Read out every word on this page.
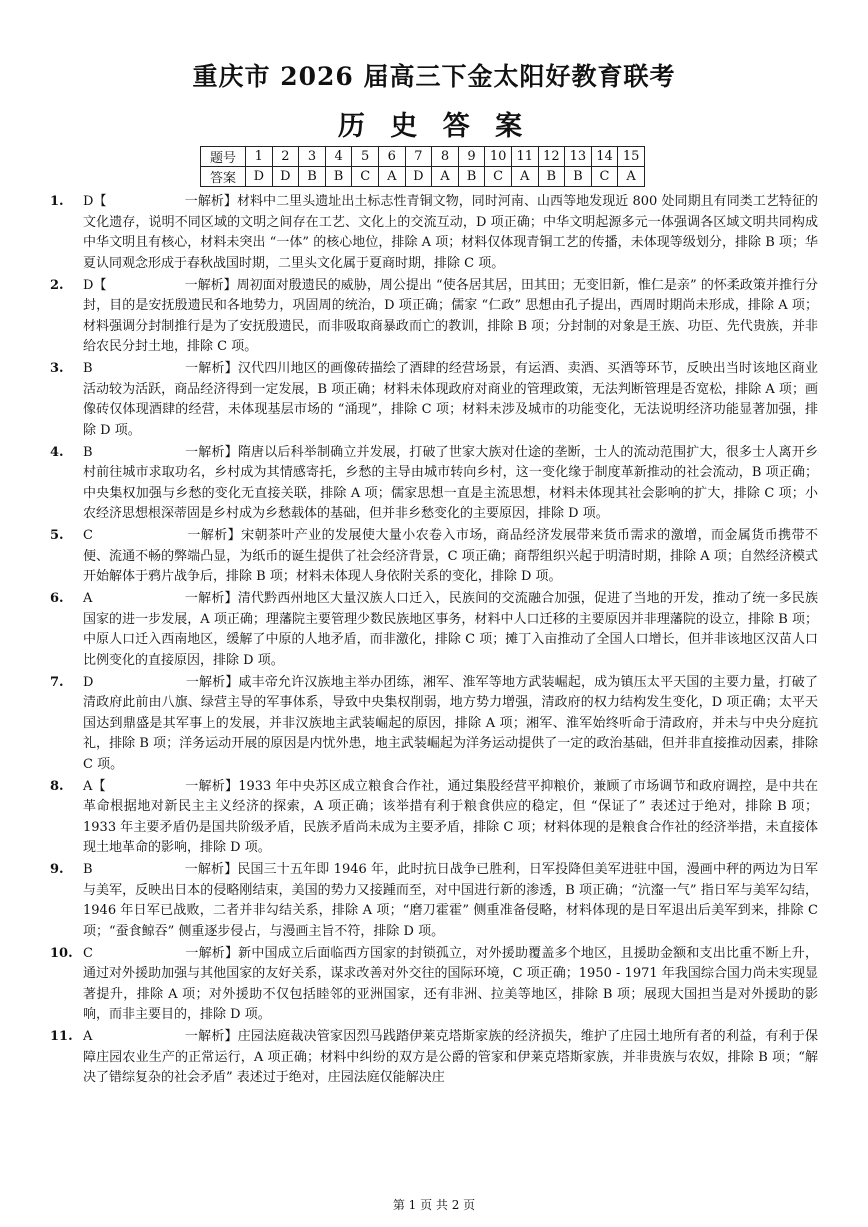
重庆市 2026 届高三下金太阳好教育联考
历 史 答 案
题号	1	2	3	4	5	6	7	8	9	10	11	12	13	14	15
答案	D	D	B	B	C	A	D	A	B	C	A	B	B	C	A
1. D【　　　　　　一解析】材料中二里头遗址出土标志性青铜文物，同时河南、山西等地发现近 800 处同期且有同类工艺特征的文化遗存，说明不同区域的文明之间存在工艺、文化上的交流互动，D 项正确；中华文明起源多元一体强调各区域文明共同构成中华文明且有核心，材料未突出 “一体” 的核心地位，排除 A 项；材料仅体现青铜工艺的传播，未体现等级划分，排除 B 项；华夏认同观念形成于春秋战国时期，二里头文化属于夏商时期，排除 C 项。
2. D【　　　　　　一解析】周初面对殷遗民的威胁，周公提出 “使各居其居，田其田；无变旧新，惟仁是亲” 的怀柔政策并推行分封，目的是安抚殷遗民和各地势力，巩固周的统治，D 项正确；儒家 “仁政” 思想由孔子提出，西周时期尚未形成，排除 A 项；材料强调分封制推行是为了安抚殷遗民，而非吸取商暴政而亡的教训，排除 B 项；分封制的对象是王族、功臣、先代贵族，并非给农民分封土地，排除 C 项。
3. B　　　　　　　一解析】汉代四川地区的画像砖描绘了酒肆的经营场景，有运酒、卖酒、买酒等环节，反映出当时该地区商业活动较为活跃，商品经济得到一定发展，B 项正确；材料未体现政府对商业的管理政策，无法判断管理是否宽松，排除 A 项；画像砖仅体现酒肆的经营，未体现基层市场的 “涌现”，排除 C 项；材料未涉及城市的功能变化，无法说明经济功能显著加强，排除 D 项。
4. B　　　　　　　一解析】隋唐以后科举制确立并发展，打破了世家大族对仕途的垄断，士人的流动范围扩大，很多士人离开乡村前往城市求取功名，乡村成为其情感寄托，乡愁的主导由城市转向乡村，这一变化缘于制度革新推动的社会流动，B 项正确；中央集权加强与乡愁的变化无直接关联，排除 A 项；儒家思想一直是主流思想，材料未体现其社会影响的扩大，排除 C 项；小农经济思想根深蒂固是乡村成为乡愁载体的基础，但并非乡愁变化的主要原因，排除 D 项。
5. C　　　　　　　一解析】宋朝茶叶产业的发展使大量小农卷入市场，商品经济发展带来货币需求的激增，而金属货币携带不便、流通不畅的弊端凸显，为纸币的诞生提供了社会经济背景，C 项正确；商帮组织兴起于明清时期，排除 A 项；自然经济模式开始解体于鸦片战争后，排除 B 项；材料未体现人身依附关系的变化，排除 D 项。
6. A　　　　　　　一解析】清代黔西州地区大量汉族人口迁入，民族间的交流融合加强，促进了当地的开发，推动了统一多民族国家的进一步发展，A 项正确；理藩院主要管理少数民族地区事务，材料中人口迁移的主要原因并非理藩院的设立，排除 B 项；中原人口迁入西南地区，缓解了中原的人地矛盾，而非激化，排除 C 项；摊丁入亩推动了全国人口增长，但并非该地区汉苗人口比例变化的直接原因，排除 D 项。
7. D　　　　　　　一解析】咸丰帝允许汉族地主举办团练，湘军、淮军等地方武装崛起，成为镇压太平天国的主要力量，打破了清政府此前由八旗、绿营主导的军事体系，导致中央集权削弱，地方势力增强，清政府的权力结构发生变化，D 项正确；太平天国达到鼎盛是其军事上的发展，并非汉族地主武装崛起的原因，排除 A 项；湘军、淮军始终听命于清政府，并未与中央分庭抗礼，排除 B 项；洋务运动开展的原因是内忧外患，地主武装崛起为洋务运动提供了一定的政治基础，但并非直接推动因素，排除 C 项。
8. A【　　　　　　一解析】1933 年中央苏区成立粮食合作社，通过集股经营平抑粮价，兼顾了市场调节和政府调控，是中共在革命根据地对新民主主义经济的探索，A 项正确；该举措有利于粮食供应的稳定，但 “保证了” 表述过于绝对，排除 B 项；1933 年主要矛盾仍是国共阶级矛盾，民族矛盾尚未成为主要矛盾，排除 C 项；材料体现的是粮食合作社的经济举措，未直接体现土地革命的影响，排除 D 项。
9. B　　　　　　　一解析】民国三十五年即 1946 年，此时抗日战争已胜利，日军投降但美军进驻中国，漫画中秤的两边为日军与美军，反映出日本的侵略刚结束，美国的势力又接踵而至，对中国进行新的渗透，B 项正确；“沆瀣一气” 指日军与美军勾结，1946 年日军已战败，二者并非勾结关系，排除 A 项；“磨刀霍霍” 侧重准备侵略，材料体现的是日军退出后美军到来，排除 C 项；“蚕食鲸吞” 侧重逐步侵占，与漫画主旨不符，排除 D 项。
10. C　　　　　　　一解析】新中国成立后面临西方国家的封锁孤立，对外援助覆盖多个地区，且援助金额和支出比重不断上升，通过对外援助加强与其他国家的友好关系，谋求改善对外交往的国际环境，C 项正确；1950 - 1971 年我国综合国力尚未实现显著提升，排除 A 项；对外援助不仅包括睦邻的亚洲国家，还有非洲、拉美等地区，排除 B 项；展现大国担当是对外援助的影响，而非主要目的，排除 D 项。
11. A　　　　　　　一解析】庄园法庭裁决管家因烈马践踏伊莱克塔斯家族的经济损失，维护了庄园土地所有者的利益，有利于保障庄园农业生产的正常运行，A 项正确；材料中纠纷的双方是公爵的管家和伊莱克塔斯家族，并非贵族与农奴，排除 B 项；“解决了错综复杂的社会矛盾” 表述过于绝对，庄园法庭仅能解决庄
第 1 页 共 2 页
